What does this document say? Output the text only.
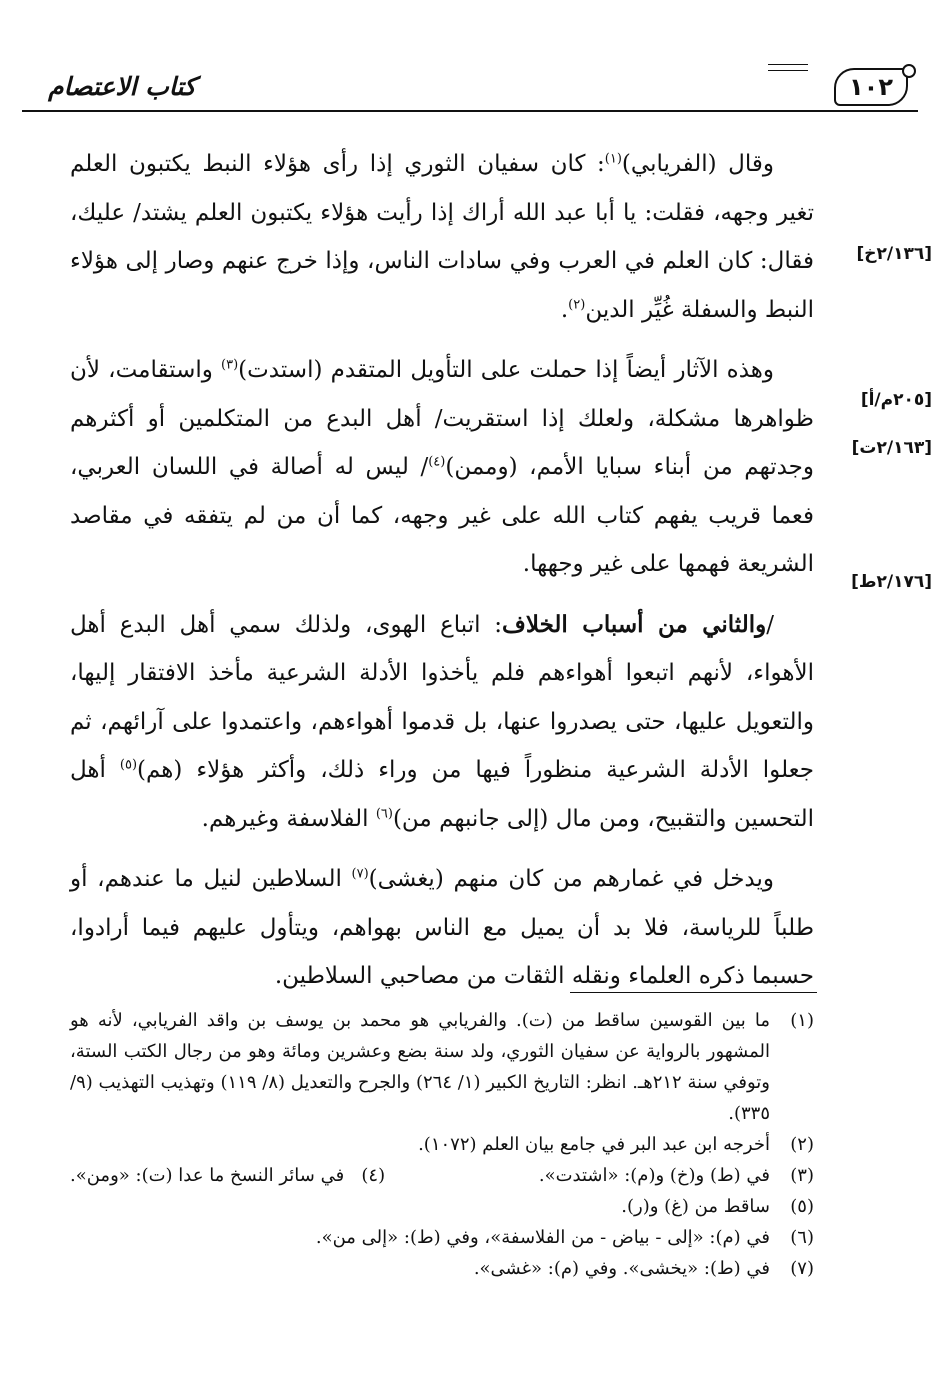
كتاب الاعتصام	١٠٢
[٢/١٣٦خ]
[٢٠٥م/أ]
[٢/١٦٣ت]
[٢/١٧٦ط]

وقال (الفريابي)$^{(١)}$: كان سفيان الثوري إذا رأى هؤلاء النبط يكتبون العلم تغير وجهه، فقلت: يا أبا عبد الله أراك إذا رأيت هؤلاء يكتبون العلم يشتد/ عليك، فقال: كان العلم في العرب وفي سادات الناس، وإذا خرج عنهم وصار إلى هؤلاء النبط والسفلة غُيِّر الدين$^{(٢)}$.

وهذه الآثار أيضاً إذا حملت على التأويل المتقدم (استدت)$^{(٣)}$ واستقامت، لأن ظواهرها مشكلة، ولعلك إذا استقريت/ أهل البدع من المتكلمين أو أكثرهم وجدتهم من أبناء سبايا الأمم، (وممن)$^{(٤)}$/ ليس له أصالة في اللسان العربي، فعما قريب يفهم كتاب الله على غير وجهه، كما أن من لم يتفقه في مقاصد الشريعة فهمها على غير وجهها.

/والثاني من أسباب الخلاف: اتباع الهوى، ولذلك سمي أهل البدع أهل الأهواء، لأنهم اتبعوا أهواءهم فلم يأخذوا الأدلة الشرعية مأخذ الافتقار إليها، والتعويل عليها، حتى يصدروا عنها، بل قدموا أهواءهم، واعتمدوا على آرائهم، ثم جعلوا الأدلة الشرعية منظوراً فيها من وراء ذلك، وأكثر هؤلاء (هم)$^{(٥)}$ أهل التحسين والتقبيح، ومن مال (إلى جانبهم من)$^{(٦)}$ الفلاسفة وغيرهم.

ويدخل في غمارهم من كان منهم (يغشى)$^{(٧)}$ السلاطين لنيل ما عندهم، أو طلباً للرياسة، فلا بد أن يميل مع الناس بهواهم، ويتأول عليهم فيما أرادوا، حسبما ذكره العلماء ونقله الثقات من مصاحبي السلاطين.

(١)
ما بين القوسين ساقط من (ت). والفريابي هو محمد بن يوسف بن واقد الفريابي، لأنه هو المشهور بالرواية عن سفيان الثوري، ولد سنة بضع وعشرين ومائة وهو من رجال الكتب الستة، وتوفي سنة ٢١٢هـ. انظر: التاريخ الكبير (١/ ٢٦٤) والجرح والتعديل (٨/ ١١٩) وتهذيب التهذيب (٩/ ٣٣٥).
(٢)
أخرجه ابن عبد البر في جامع بيان العلم (١٠٧٢).
(٣)
في (ط) و(خ) و(م): «اشتدت».
(٤)   في سائر النسخ ما عدا (ت): «ومن».
(٥)
ساقط من (غ) و(ر).
(٦)
في (م): «إلى - بياض - من الفلاسفة»، وفي (ط): «إلى من».
(٧)
في (ط): «يخشى». وفي (م): «غشى».
